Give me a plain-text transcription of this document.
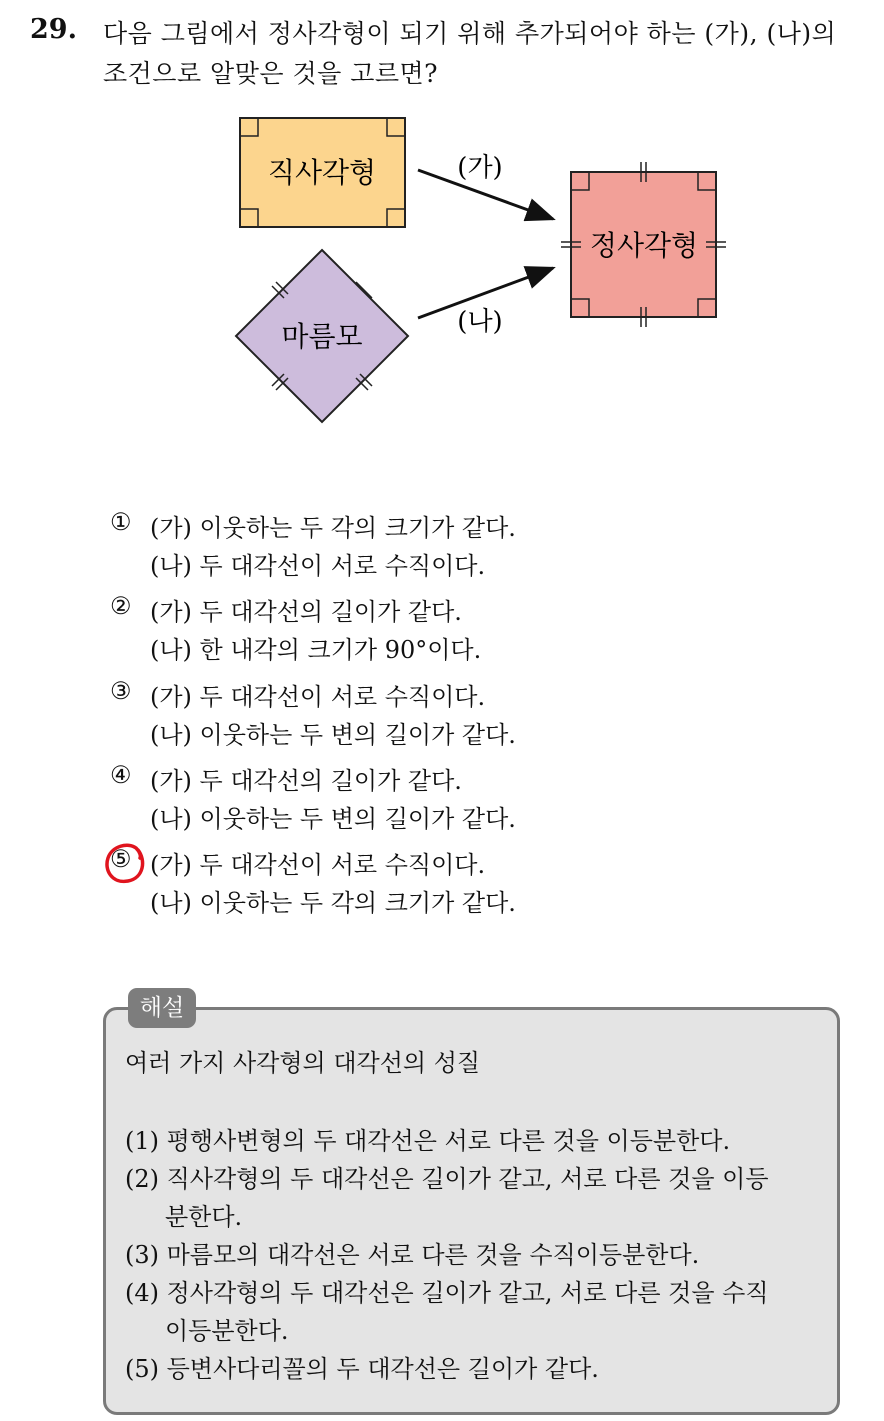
29. 다음 그림에서 정사각형이 되기 위해 추가되어야 하는 (가), (나)의
조건으로 알맞은 것을 고르면?
직사각형
마름모
정사각형
(가)
(나)
① (가) 이웃하는 두 각의 크기가 같다.
(나) 두 대각선이 서로 수직이다.
② (가) 두 대각선의 길이가 같다.
(나) 한 내각의 크기가 90°이다.
③ (가) 두 대각선이 서로 수직이다.
(나) 이웃하는 두 변의 길이가 같다.
④ (가) 두 대각선의 길이가 같다.
(나) 이웃하는 두 변의 길이가 같다.
⑤ (가) 두 대각선이 서로 수직이다.
(나) 이웃하는 두 각의 크기가 같다.
해설
여러 가지 사각형의 대각선의 성질
(1) 평행사변형의 두 대각선은 서로 다른 것을 이등분한다.
(2) 직사각형의 두 대각선은 길이가 같고, 서로 다른 것을 이등
분한다.
(3) 마름모의 대각선은 서로 다른 것을 수직이등분한다.
(4) 정사각형의 두 대각선은 길이가 같고, 서로 다른 것을 수직
이등분한다.
(5) 등변사다리꼴의 두 대각선은 길이가 같다.
